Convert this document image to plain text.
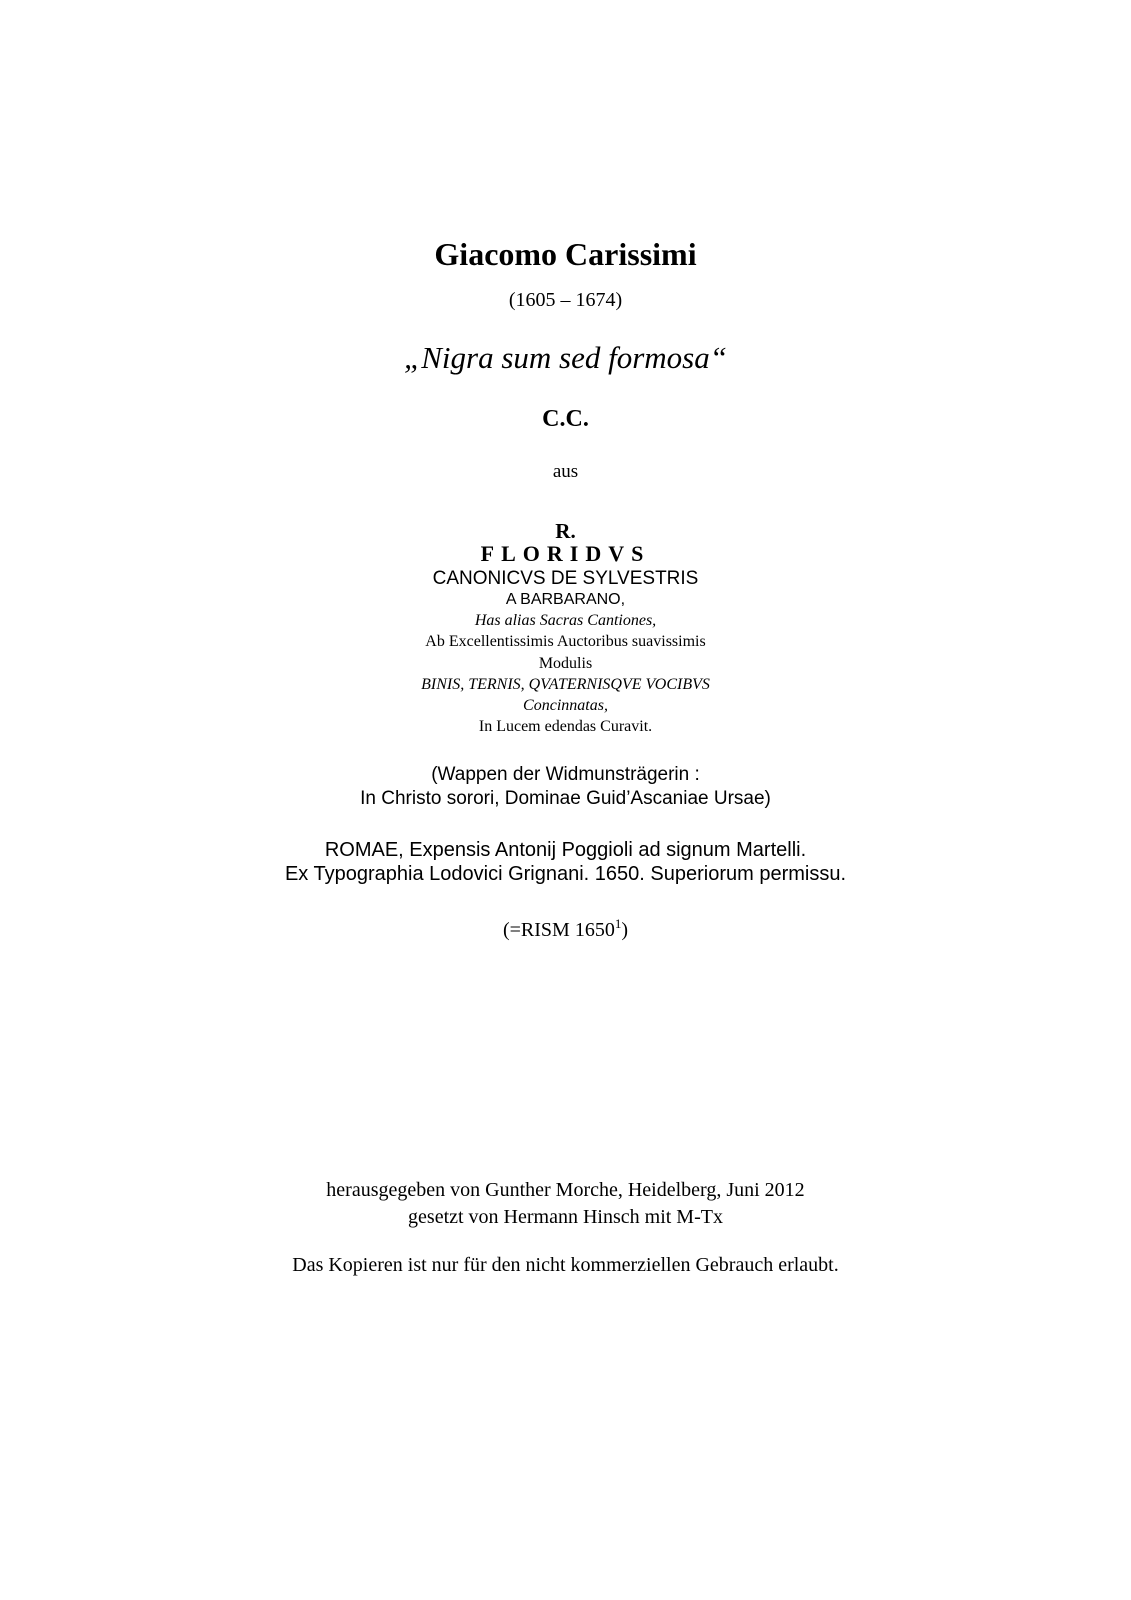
Giacomo Carissimi
(1605 – 1674)
„Nigra sum sed formosa“
C.C.
aus
R.
FLORIDVS
CANONICVS DE SYLVESTRIS
A BARBARANO,
Has alias Sacras Cantiones,
Ab Excellentissimis Auctoribus suavissimis
Modulis
BINIS, TERNIS, QVATERNISQVE VOCIBVS
Concinnatas,
In Lucem edendas Curavit.
(Wappen der Widmunsträgerin :
In Christo sorori, Dominae Guid’Ascaniae Ursae)
ROMAE, Expensis Antonij Poggioli ad signum Martelli.
Ex Typographia Lodovici Grignani. 1650. Superiorum permissu.
(=RISM 1650$^1$)
herausgegeben von Gunther Morche, Heidelberg, Juni 2012
gesetzt von Hermann Hinsch mit M-Tx
Das Kopieren ist nur für den nicht kommerziellen Gebrauch erlaubt.
